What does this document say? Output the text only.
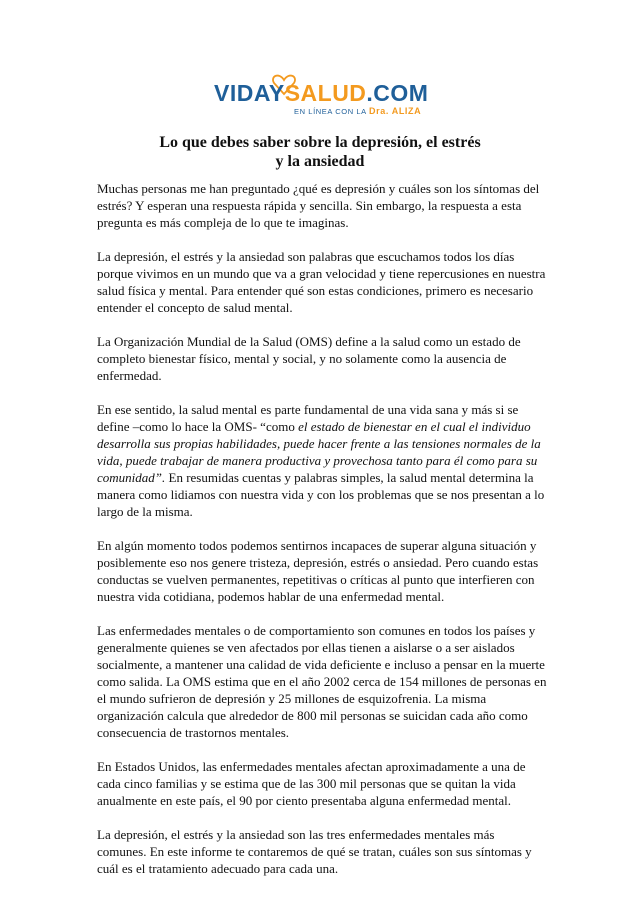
VIDAYSALUD.COM
EN LÍNEA CON LA Dra. ALIZA
Lo que debes saber sobre la depresión, el estrés
y la ansiedad

Muchas personas me han preguntado ¿qué es depresión y cuáles son los síntomas del estrés? Y esperan una respuesta rápida y sencilla. Sin embargo, la respuesta a esta pregunta es más compleja de lo que te imaginas.

La depresión, el estrés y la ansiedad son palabras que escuchamos todos los días porque vivimos en un mundo que va a gran velocidad y tiene repercusiones en nuestra salud física y mental. Para entender qué son estas condiciones, primero es necesario entender el concepto de salud mental.

La Organización Mundial de la Salud (OMS) define a la salud como un estado de completo bienestar físico, mental y social, y no solamente como la ausencia de enfermedad.

En ese sentido, la salud mental es parte fundamental de una vida sana y más si se define –como lo hace la OMS- “como el estado de bienestar en el cual el individuo desarrolla sus propias habilidades, puede hacer frente a las tensiones normales de la vida, puede trabajar de manera productiva y provechosa tanto para él como para su comunidad”. En resumidas cuentas y palabras simples, la salud mental determina la manera como lidiamos con nuestra vida y con los problemas que se nos presentan a lo largo de la misma.

En algún momento todos podemos sentirnos incapaces de superar alguna situación y posiblemente eso nos genere tristeza, depresión, estrés o ansiedad. Pero cuando estas conductas se vuelven permanentes, repetitivas o críticas al punto que interfieren con nuestra vida cotidiana, podemos hablar de una enfermedad mental.

Las enfermedades mentales o de comportamiento son comunes en todos los países y generalmente quienes se ven afectados por ellas tienen a aislarse o a ser aislados socialmente, a mantener una calidad de vida deficiente e incluso a pensar en la muerte como salida. La OMS estima que en el año 2002 cerca de 154 millones de personas en el mundo sufrieron de depresión y 25 millones de esquizofrenia. La misma organización calcula que alrededor de 800 mil personas se suicidan cada año como consecuencia de trastornos mentales.

En Estados Unidos, las enfermedades mentales afectan aproximadamente a una de cada cinco familias y se estima que de las 300 mil personas que se quitan la vida anualmente en este país, el 90 por ciento presentaba alguna enfermedad mental.

La depresión, el estrés y la ansiedad son las tres enfermedades mentales más comunes. En este informe te contaremos de qué se tratan, cuáles son sus síntomas y cuál es el tratamiento adecuado para cada una.
